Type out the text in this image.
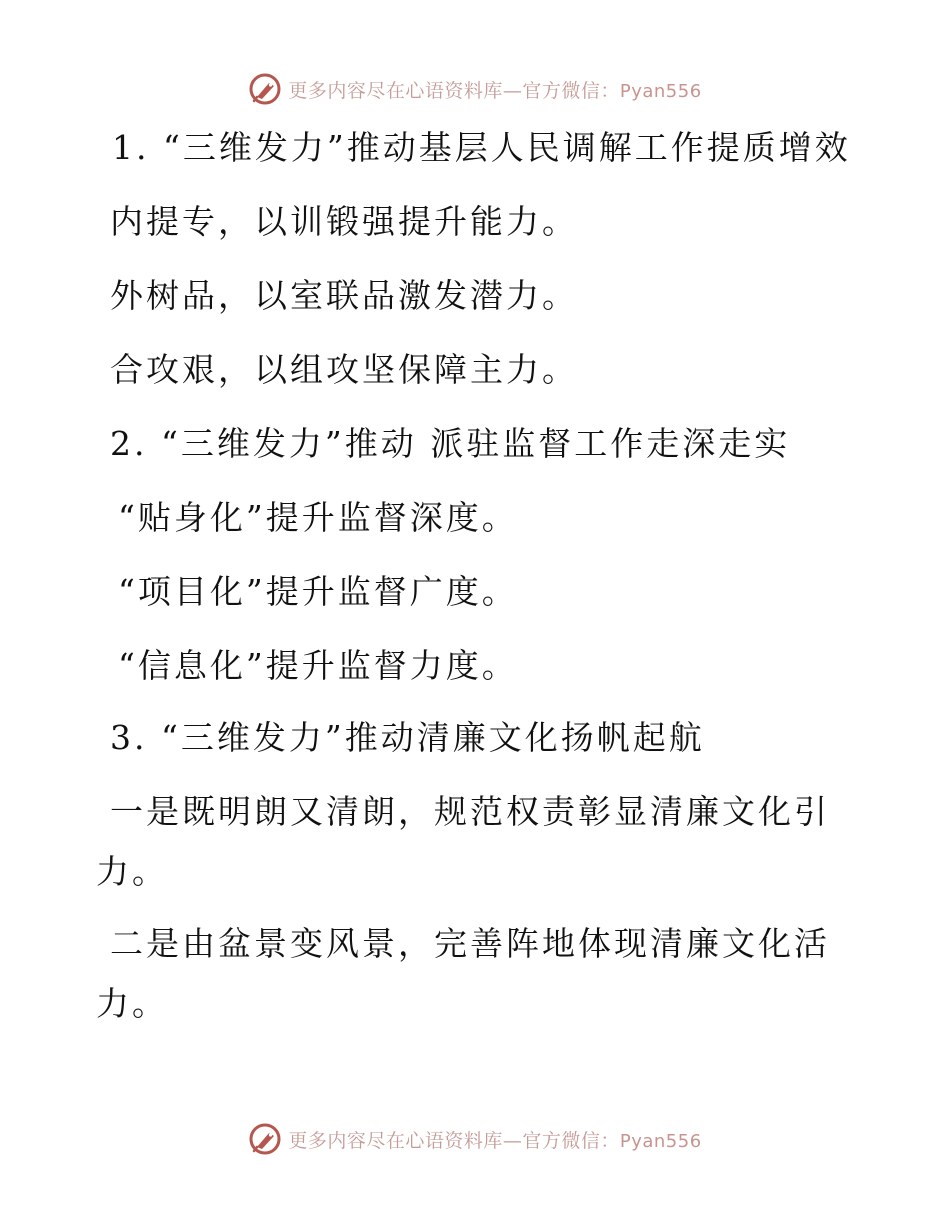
更多内容尽在心语资料库—官方微信：Pyan556
1. “三维发力”推动基层人民调解工作提质增效
内提专，以训锻强提升能力。
外树品，以室联品激发潜力。
合攻艰，以组攻坚保障主力。
2. “三维发力”推动 派驻监督工作走深走实
“贴身化”提升监督深度。
“项目化”提升监督广度。
“信息化”提升监督力度。
3. “三维发力”推动清廉文化扬帆起航
一是既明朗又清朗，规范权责彰显清廉文化引
力。
二是由盆景变风景，完善阵地体现清廉文化活
力。
更多内容尽在心语资料库—官方微信：Pyan556
